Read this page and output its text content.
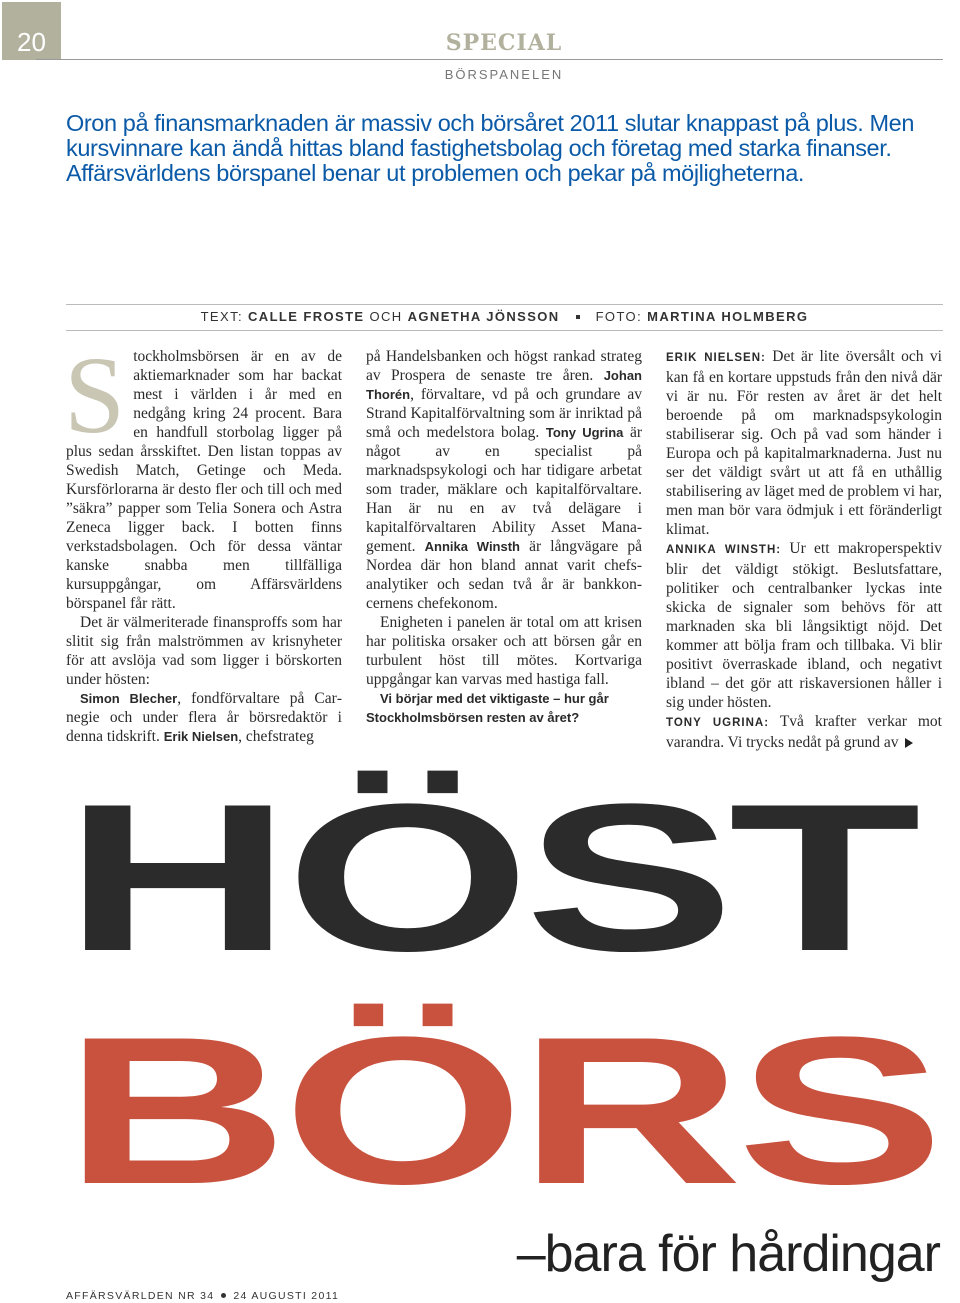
20	SPECIAL
BÖRSPANELEN
Oron på finansmarknaden är massiv och börsåret 2011 slutar knappast på plus. Men kursvinnare kan ändå hittas bland fastighetsbolag och företag med starka finanser. Affärsvärldens börspanel benar ut problemen och pekar på möjligheterna.
TEXT: CALLE FROSTE OCH AGNETHA JÖNSSON	FOTO: MARTINA HOLMBERG

Stockholmsbörsen är en av de aktiemarknader som har backat mest i världen i år med en nedgång kring 24 procent. Bara en handfull storbolag ligger på plus sedan årsskiftet. Den listan toppas av Swedish Match, Getinge och Meda. Kursförlorarna är desto fler och till och med ”säkra” papper som Telia Sonera och Astra Zeneca ligger back. I botten finns verkstadsbolagen. Och för dessa väntar kanske snabba men tillfälliga kursuppgångar, om Affärsvärldens börspanel får rätt.

Det är välmeriterade finansproffs som har slitit sig från malströmmen av krisnyheter för att avslöja vad som ligger i börskorten under hösten:

Simon Blecher, fondförvaltare på Carnegie och under flera år börsredaktör i denna tidskrift. Erik Nielsen, chefstrateg

på Handelsbanken och högst rankad strateg av Prospera de senaste tre åren. Johan Thorén, förvaltare, vd på och grundare av Strand Kapitalförvaltning som är inriktad på små och medelstora bolag. Tony Ugrina är något av en specialist på marknadspsykologi och har tidigare arbetat som trader, mäklare och kapitalförvaltare. Han är nu en av två delägare i kapitalförvaltaren Ability Asset Management. Annika Winsth är långvägare på Nordea där hon bland annat varit chefsanalytiker och sedan två år är bankkoncernens chefekonom.

Enigheten i panelen är total om att krisen har politiska orsaker och att börsen går en turbulent höst till mötes. Kortvariga uppgångar kan varvas med hastiga fall.

Vi börjar med det viktigaste – hur går Stockholmsbörsen resten av året?

ERIK NIELSEN: Det är lite översålt och vi kan få en kortare uppstuds från den nivå där vi är nu. För resten av året är det helt beroende på om marknadspsykologin stabiliserar sig. Och på vad som händer i Europa och på kapitalmarknaderna. Just nu ser det väldigt svårt ut att få en uthållig stabilisering av läget med de problem vi har, men man bör vara ödmjuk i ett föränderligt klimat.

ANNIKA WINSTH: Ur ett makroperspektiv blir det väldigt stökigt. Beslutsfattare, politiker och centralbanker lyckas inte skicka de signaler som behövs för att marknaden ska bli långsiktigt nöjd. Det kommer att bölja fram och tillbaka. Vi blir positivt överraskade ibland, och negativt ibland – det gör att riskaversionen håller i sig under hösten.

TONY UGRINA: Två krafter verkar mot varandra. Vi trycks nedåt på grund av

HÖST
BÖRS
–bara för hårdingar
AFFÄRSVÄRLDEN NR 34 24 AUGUSTI 2011
